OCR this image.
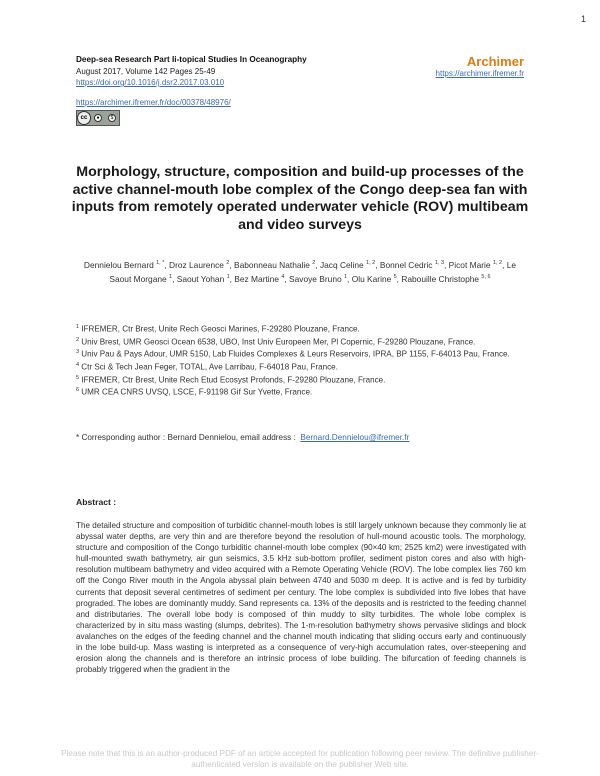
1
Deep-sea Research Part Ii-topical Studies In Oceanography
August 2017, Volume 142 Pages 25-49
https://doi.org/10.1016/j.dsr2.2017.03.010
Archimer
https://archimer.ifremer.fr
https://archimer.ifremer.fr/doc/00378/48976/
cc	●	$
Morphology, structure, composition and build-up processes of the active channel-mouth lobe complex of the Congo deep-sea fan with inputs from remotely operated underwater vehicle (ROV) multibeam and video surveys
Dennielou Bernard $^{1, *}$, Droz Laurence $^2$, Babonneau Nathalie $^2$, Jacq Celine $^{1, 2}$, Bonnel Cedric $^{1, 3}$, Picot Marie $^{1, 2}$, Le Saout Morgane $^1$, Saout Yohan $^1$, Bez Martine $^4$, Savoye Bruno $^1$, Olu Karine $^5$, Rabouille Christophe $^{5, 6}$
$^1$ IFREMER, Ctr Brest, Unite Rech Geosci Marines, F-29280 Plouzane, France.
$^2$ Univ Brest, UMR Geosci Ocean 6538, UBO, Inst Univ Europeen Mer, Pl Copernic, F-29280 Plouzane, France.
$^3$ Univ Pau & Pays Adour, UMR 5150, Lab Fluides Complexes & Leurs Reservoirs, IPRA, BP 1155, F-64013 Pau, France.
$^4$ Ctr Sci & Tech Jean Feger, TOTAL, Ave Larribau, F-64018 Pau, France.
$^5$ IFREMER, Ctr Brest, Unite Rech Etud Ecosyst Profonds, F-29280 Plouzane, France.
$^6$ UMR CEA CNRS UVSQ, LSCE, F-91198 Gif Sur Yvette, France.
* Corresponding author : Bernard Dennielou, email address : Bernard.Dennielou@ifremer.fr
Abstract :
The detailed structure and composition of turbiditic channel-mouth lobes is still largely unknown because they commonly lie at abyssal water depths, are very thin and are therefore beyond the resolution of hull-mound acoustic tools. The morphology, structure and composition of the Congo turbiditic channel-mouth lobe complex (90×40 km; 2525 km2) were investigated with hull-mounted swath bathymetry, air gun seismics, 3.5 kHz sub-bottom profiler, sediment piston cores and also with high-resolution multibeam bathymetry and video acquired with a Remote Operating Vehicle (ROV). The lobe complex lies 760 km off the Congo River mouth in the Angola abyssal plain between 4740 and 5030 m deep. It is active and is fed by turbidity currents that deposit several centimetres of sediment per century. The lobe complex is subdivided into five lobes that have prograded. The lobes are dominantly muddy. Sand represents ca. 13% of the deposits and is restricted to the feeding channel and distributaries. The overall lobe body is composed of thin muddy to silty turbidites. The whole lobe complex is characterized by in situ mass wasting (slumps, debrites). The 1-m-resolution bathymetry shows pervasive slidings and block avalanches on the edges of the feeding channel and the channel mouth indicating that sliding occurs early and continuously in the lobe build-up. Mass wasting is interpreted as a consequence of very-high accumulation rates, over-steepening and erosion along the channels and is therefore an intrinsic process of lobe building. The bifurcation of feeding channels is probably triggered when the gradient in the
Please note that this is an author-produced PDF of an article accepted for publication following peer review. The definitive publisher-authenticated version is available on the publisher Web site.
